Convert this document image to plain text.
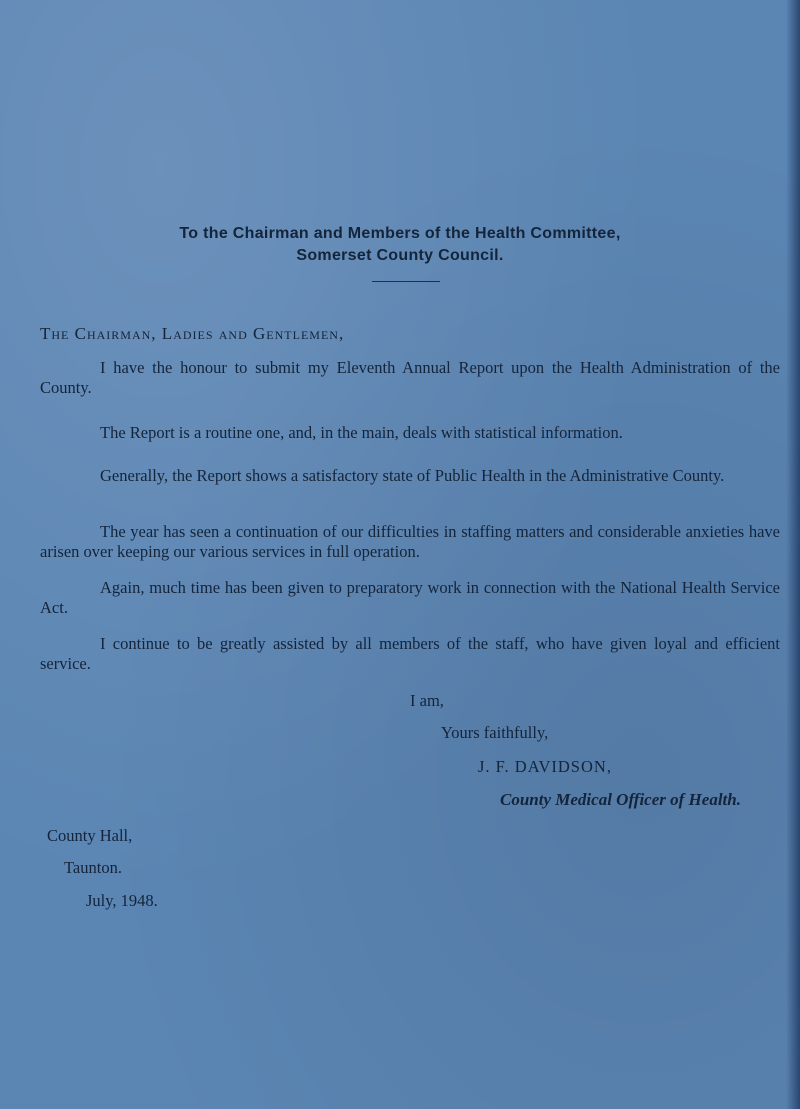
To the Chairman and Members of the Health Committee,
Somerset County Council.
The Chairman, Ladies and Gentlemen,

I have the honour to submit my Eleventh Annual Report upon the Health Administration of the County.

The Report is a routine one, and, in the main, deals with statistical information.

Generally, the Report shows a satisfactory state of Public Health in the Administrative County.

The year has seen a continuation of our difficulties in staffing matters and considerable anxieties have arisen over keeping our various services in full operation.

Again, much time has been given to preparatory work in connection with the National Health Service Act.

I continue to be greatly assisted by all members of the staff, who have given loyal and efficient service.

I am,
Yours faithfully,
J. F. DAVIDSON,
County Medical Officer of Health.
County Hall,
Taunton.
July, 1948.
